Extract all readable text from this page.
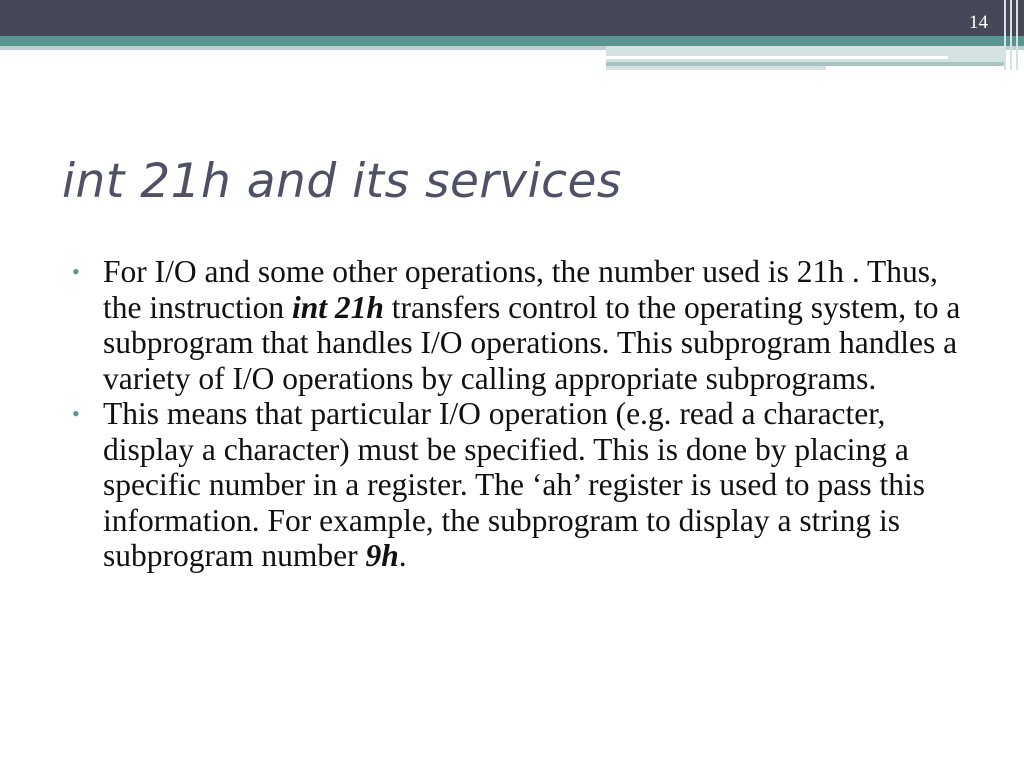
14
int 21h and its services
• For I/O and some other operations, the number used is 21h . Thus, the instruction int 21h transfers control to the operating system, to a subprogram that handles I/O operations. This subprogram handles a variety of I/O operations by calling appropriate subprograms.
• This means that particular I/O operation (e.g. read a character, display a character) must be specified. This is done by placing a specific number in a register. The ‘ah’ register is used to pass this information. For example, the subprogram to display a string is subprogram number 9h.
